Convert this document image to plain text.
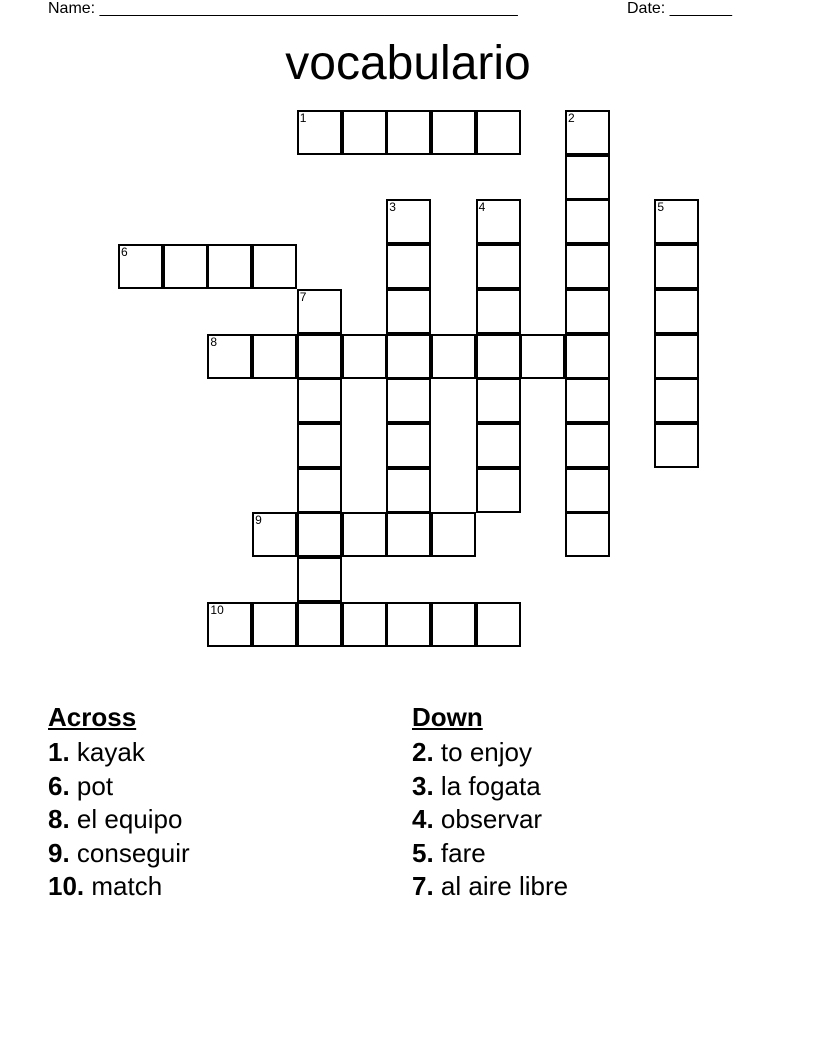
Name: _______________________________________________	Date: _______
vocabulario
1	2
3	4	5
6
7
8
9
10
Across
1. kayak
6. pot
8. el equipo
9. conseguir
10. match
Down
2. to enjoy
3. la fogata
4. observar
5. fare
7. al aire libre
